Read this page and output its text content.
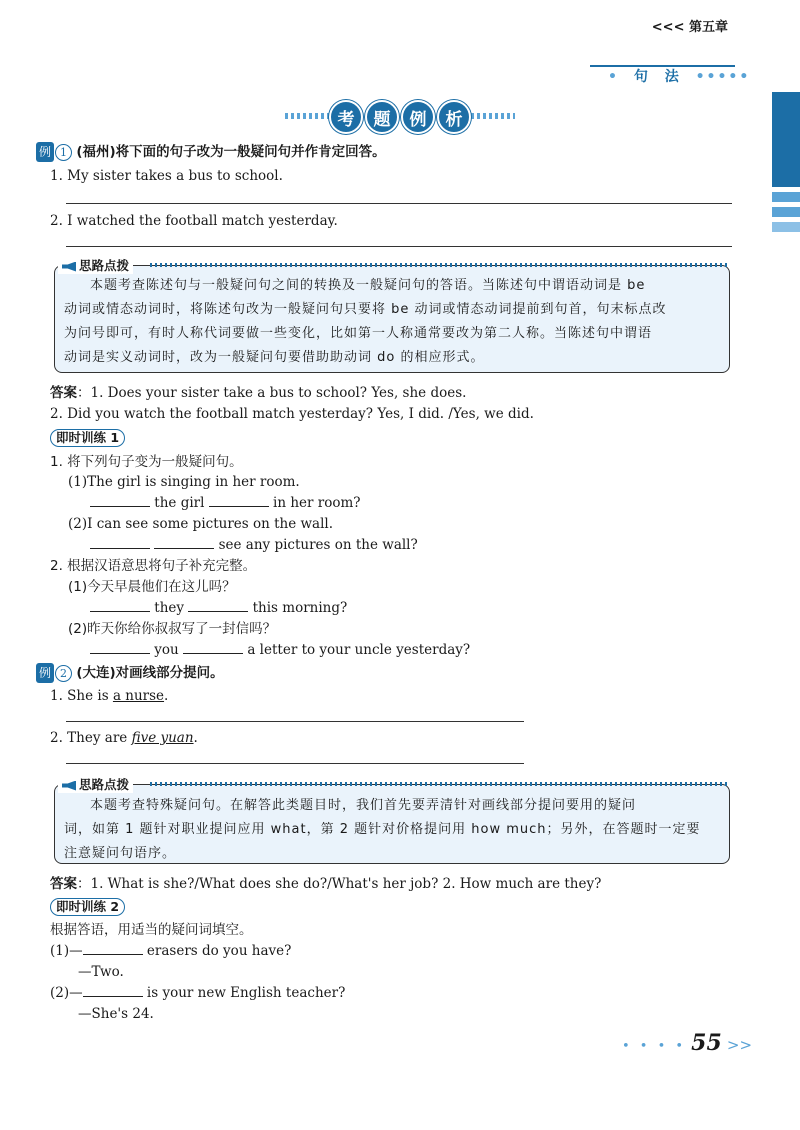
<<< 第五章
• 句 法 •••••
考	题	例	析
例 1 (福州)将下面的句子改为一般疑问句并作肯定回答。
1. My sister takes a bus to school.
2. I watched the football match yesterday.
思路点拨
本题考查陈述句与一般疑问句之间的转换及一般疑问句的答语。当陈述句中谓语动词是 be
动词或情态动词时，将陈述句改为一般疑问句只要将 be 动词或情态动词提前到句首，句末标点改
为问号即可，有时人称代词要做一些变化，比如第一人称通常要改为第二人称。当陈述句中谓语
动词是实义动词时，改为一般疑问句要借助助动词 do 的相应形式。
答案：1. Does your sister take a bus to school? Yes, she does.
2. Did you watch the football match yesterday? Yes, I did. /Yes, we did.
即时训练 1
1. 将下列句子变为一般疑问句。
(1)The girl is singing in her room.
the girl	in her room?
(2)I can see some pictures on the wall.
see any pictures on the wall?
2. 根据汉语意思将句子补充完整。
(1)今天早晨他们在这儿吗？
they	this morning?
(2)昨天你给你叔叔写了一封信吗？
you	a letter to your uncle yesterday?
例 2 (大连)对画线部分提问。
1. She is a nurse.
2. They are five yuan.
思路点拨
本题考查特殊疑问句。在解答此类题目时，我们首先要弄清针对画线部分提问要用的疑问
词，如第 1 题针对职业提问应用 what，第 2 题针对价格提问用 how much；另外，在答题时一定要
注意疑问句语序。
答案：1. What is she?/What does she do?/What's her job? 2. How much are they?
即时训练 2
根据答语，用适当的疑问词填空。
(1)—	erasers do you have?
—Two.
(2)—	is your new English teacher?
—She's 24.
• • • • 55 >>
